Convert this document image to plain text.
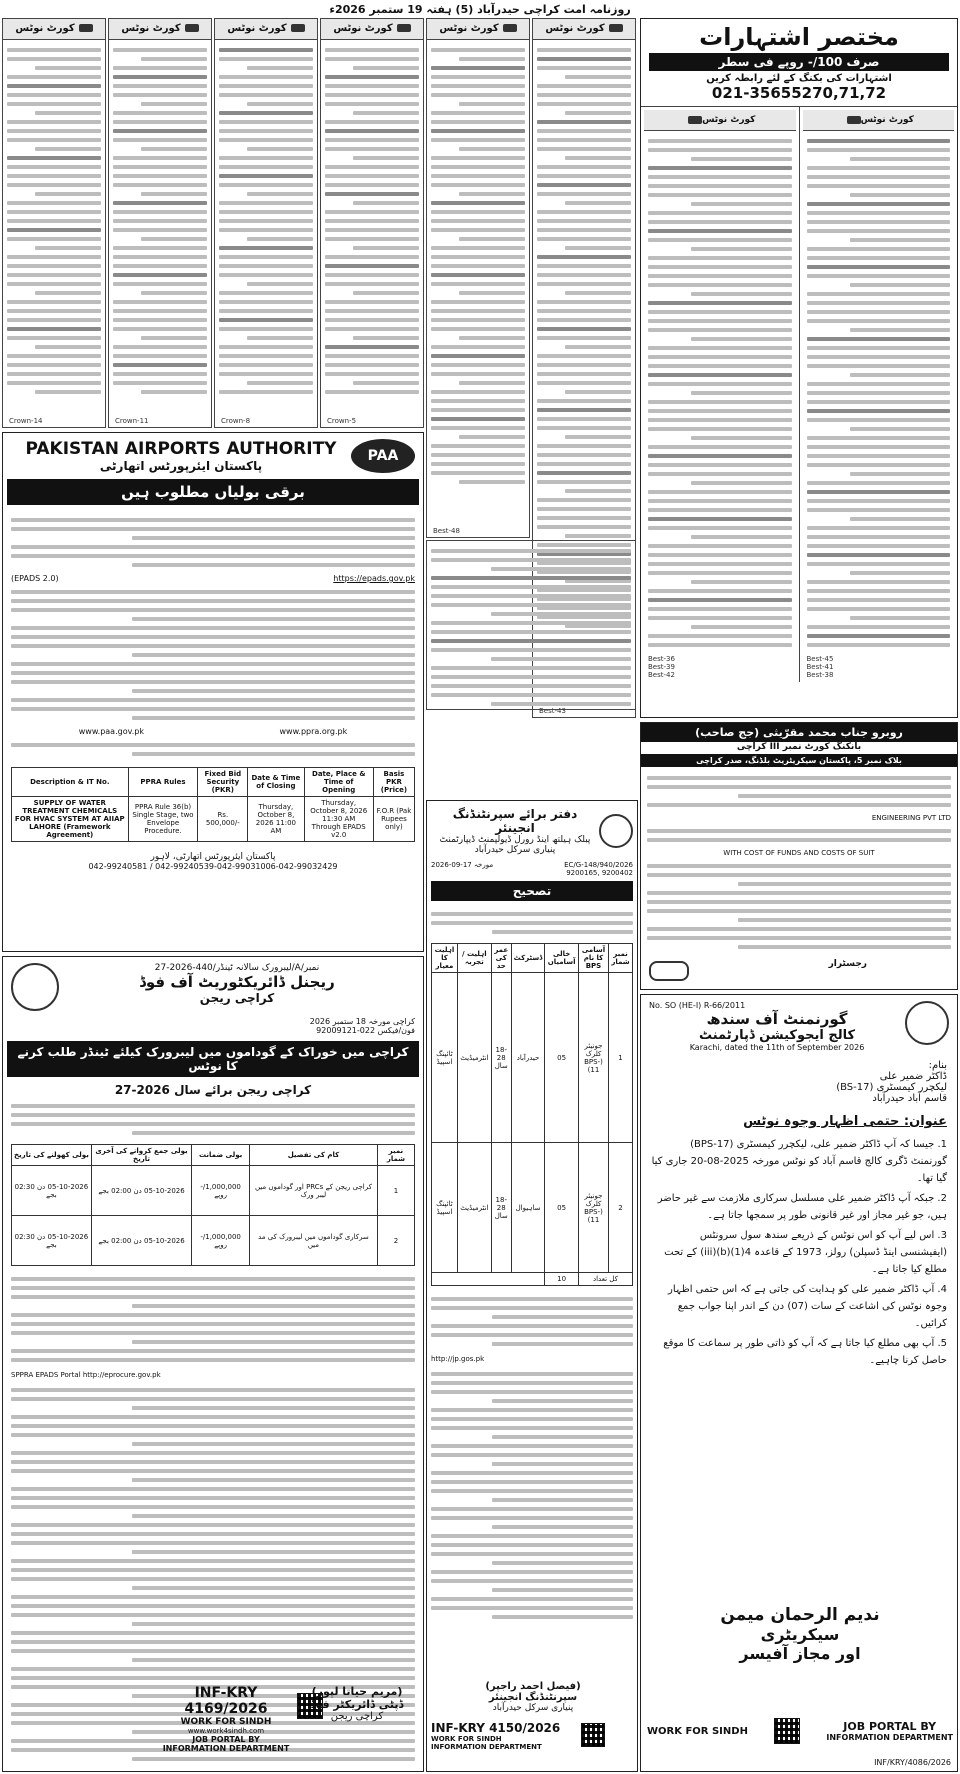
روزنامہ امت کراچی حیدرآباد (5) ہفتہ 19 ستمبر 2026ء
کورٹ نوٹس
Crown-14
کورٹ نوٹس
Crown-11
کورٹ نوٹس
Crown-8
کورٹ نوٹس
Crown-5
کورٹ نوٹس
Best-48
کورٹ نوٹس
Best-43
مختصر اشتہارات
صرف 100/- روپے فی سطر
اشتہارات کی بکنگ کے لئے رابطہ کریں
021-35655270,71,72
کورٹ نوٹس
Best-36
Best-39
Best-42
کورٹ نوٹس
Best-45
Best-41
Best-38
PAKISTAN AIRPORTS AUTHORITY
پاکستان ایئرپورٹس اتھارٹی
PAA
برقی بولیاں مطلوب ہیں
(EPADS 2.0)	https://epads.gov.pk
www.paa.gov.pk	www.ppra.org.pk
Description & IT No.	PPRA Rules	Fixed Bid Security (PKR)	Date & Time of Closing	Date, Place & Time of Opening	Basis PKR (Price)
SUPPLY OF WATER TREATMENT CHEMICALS FOR HVAC SYSTEM AT AIIAP LAHORE (Framework Agreement)	PPRA Rule 36(b) Single Stage, two Envelope Procedure.	Rs. 500,000/-	Thursday, October 8, 2026 11:00 AM	Thursday, October 8, 2026 11:30 AM Through EPADS v2.0	F.O.R (Pak Rupees only)
پاکستان ایئرپورٹس اتھارٹی، لاہور
042-99240581 / 042-99240539-042-99031006-042-99032429
نمبر/A/لیبرورک سالانہ ٹینڈر/440-2026-27
ریجنل ڈائریکٹوریٹ آف فوڈ
کراچی ریجن
کراچی مورخہ 18 ستمبر 2026
فون/فیکس 022-92009121
کراچی میں خوراک کے گوداموں میں لیبرورک کیلئے ٹینڈر طلب کرنے کا نوٹس
کراچی ریجن برائے سال 2026-27
نمبر شمار	کام کی تفصیل	بولی ضمانت	بولی جمع کروانے کی آخری تاریخ	بولی کھولنے کی تاریخ
1	کراچی ریجن کے PRCs اور گوداموں میں لیبر ورک	1,000,000/- روپے	05-10-2026 دن 02:00 بجے	05-10-2026 دن 02:30 بجے
2	سرکاری گوداموں میں لیبرورک کی مد میں	1,000,000/- روپے	05-10-2026 دن 02:00 بجے	05-10-2026 دن 02:30 بجے
SPPRA EPADS Portal http://eprocure.gov.pk
INF-KRY 4169/2026
WORK FOR SINDH
www.work4sindh.com
JOB PORTAL BY
INFORMATION DEPARTMENT
(مریم حیاتا لپور)
ڈپٹی ڈائریکٹر فوڈ
کراچی ریجن
دفتر برائے سپرنٹنڈنگ انجینئر
پبلک ہیلتھ اینڈ رورل ڈیولپمنٹ ڈیپارٹمنٹ پنیاری سرکل حیدرآباد
مورخہ 17-09-2026	EC/G-148/940/2026
9200165, 9200402
تصحیح
نمبر شمار	آسامی کا نام BPS	خالی آسامیاں	ڈسٹرکٹ	عمر کی حد	اہلیت / تجربہ	اہلیت کا معیار
1	جونیئر کلرک (BPS-11)	05	حیدرآباد	18-28 سال	انٹرمیڈیٹ	ٹائپنگ اسپیڈ
2	جونیئر کلرک (BPS-11)	05	ساہیوال	18-28 سال	انٹرمیڈیٹ	ٹائپنگ اسپیڈ
کل تعداد		10				
http://jp.gos.pk
(فیصل احمد راجپر)
سپرنٹنڈنگ انجینئر
پنیاری سرکل حیدرآباد
INF-KRY 4150/2026
WORK FOR SINDH
INFORMATION DEPARTMENT
روبرو جناب محمد مقرّیثی (جج صاحب)
بانکنگ کورٹ نمبر III کراچی
بلاک نمبر 5، پاکستان سیکریٹریٹ بلڈنگ، صدر کراچی
ENGINEERING PVT LTD
WITH COST OF FUNDS AND COSTS OF SUIT
رجسٹرار
No. SO (HE-I) R-66/2011
گورنمنٹ آف سندھ
کالج ایجوکیشن ڈپارٹمنٹ
Karachi, dated the 11th of September 2026
بنام:
ڈاکٹر ضمیر علی
لیکچرر کیمسٹری (BS-17)
قاسم آباد حیدرآباد
عنوان: حتمی اظہار وجوہ نوٹس

1. جیسا کہ آپ ڈاکٹر ضمیر علی، لیکچرر کیمسٹری (BPS-17) گورنمنٹ ڈگری کالج قاسم آباد کو نوٹس مورخہ 2025-08-20 جاری کیا گیا تھا۔

2. جبکہ آپ ڈاکٹر ضمیر علی مسلسل سرکاری ملازمت سے غیر حاضر ہیں، جو غیر مجاز اور غیر قانونی طور پر سمجھا جاتا ہے۔

3. اس لیے آپ کو اس نوٹس کے ذریعے سندھ سول سرونٹس (ایفیشنسی اینڈ ڈسپلن) رولز، 1973 کے قاعدہ 4(1)(b)(iii) کے تحت مطلع کیا جاتا ہے۔

4. آپ ڈاکٹر ضمیر علی کو ہدایت کی جاتی ہے کہ اس حتمی اظہار وجوہ نوٹس کی اشاعت کے سات (07) دن کے اندر اپنا جواب جمع کرائیں۔

5. آپ بھی مطلع کیا جاتا ہے کہ آپ کو ذاتی طور پر سماعت کا موقع حاصل کرنا چاہیے۔

ندیم الرحمان میمن
سیکریٹری
اور مجاز آفیسر
WORK FOR SINDH	JOB PORTAL BY
INFORMATION DEPARTMENT
INF/KRY/4086/2026
